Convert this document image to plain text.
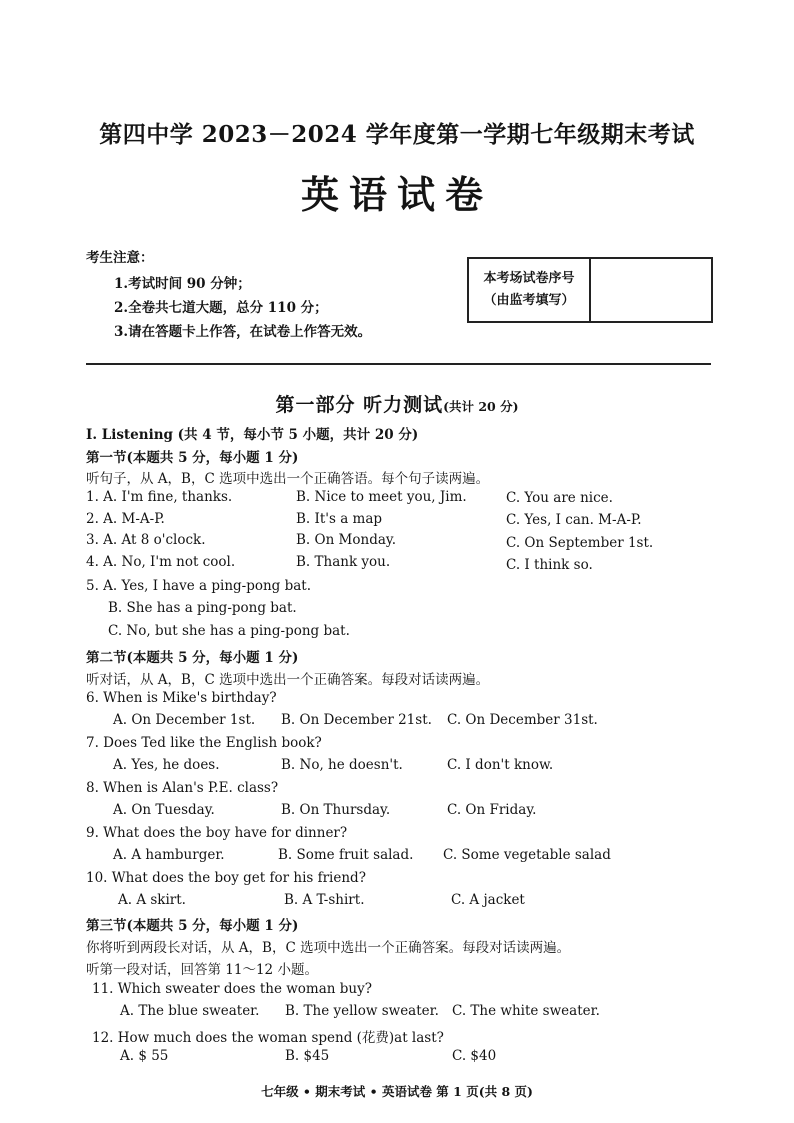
第四中学 2023－2024 学年度第一学期七年级期末考试
英语试卷
考生注意：
1.考试时间 90 分钟；
2.全卷共七道大题，总分 110 分；
3.请在答题卡上作答，在试卷上作答无效。
本考场试卷序号
（由监考填写）
第一部分 听力测试(共计 20 分)
Ⅰ. Listening (共 4 节，每小节 5 小题，共计 20 分)
第一节(本题共 5 分，每小题 1 分)
听句子，从 A，B，C 选项中选出一个正确答语。每个句子读两遍。
1. A. I'm fine, thanks.	B. Nice to meet you, Jim.	C. You are nice.
2. A. M-A-P.	B. It's a map	C. Yes, I can. M-A-P.
3. A. At 8 o'clock.	B. On Monday.	C. On September 1st.
4. A. No, I'm not cool.	B. Thank you.	C. I think so.
5. A. Yes, I have a ping-pong bat.
B. She has a ping-pong bat.
C. No, but she has a ping-pong bat.
第二节(本题共 5 分，每小题 1 分)
听对话，从 A，B，C 选项中选出一个正确答案。每段对话读两遍。
6. When is Mike's birthday?
A. On December 1st. B. On December 21st. C. On December 31st.
7. Does Ted like the English book?
A. Yes, he does.	B. No, he doesn't.	C. I don't know.
8. When is Alan's P.E. class?
A. On Tuesday.	B. On Thursday.	C. On Friday.
9. What does the boy have for dinner?
A. A hamburger.	B. Some fruit salad. C. Some vegetable salad
10. What does the boy get for his friend?
A. A skirt.	B. A T-shirt.	C. A jacket
第三节(本题共 5 分，每小题 1 分)
你将听到两段长对话，从 A，B，C 选项中选出一个正确答案。每段对话读两遍。
听第一段对话，回答第 11～12 小题。
11. Which sweater does the woman buy?
A. The blue sweater. B. The yellow sweater. C. The white sweater.
12. How much does the woman spend (花费)at last?
A. $ 55	B. $45	C. $40
七年级 • 期末考试 • 英语试卷 第 1 页(共 8 页)
